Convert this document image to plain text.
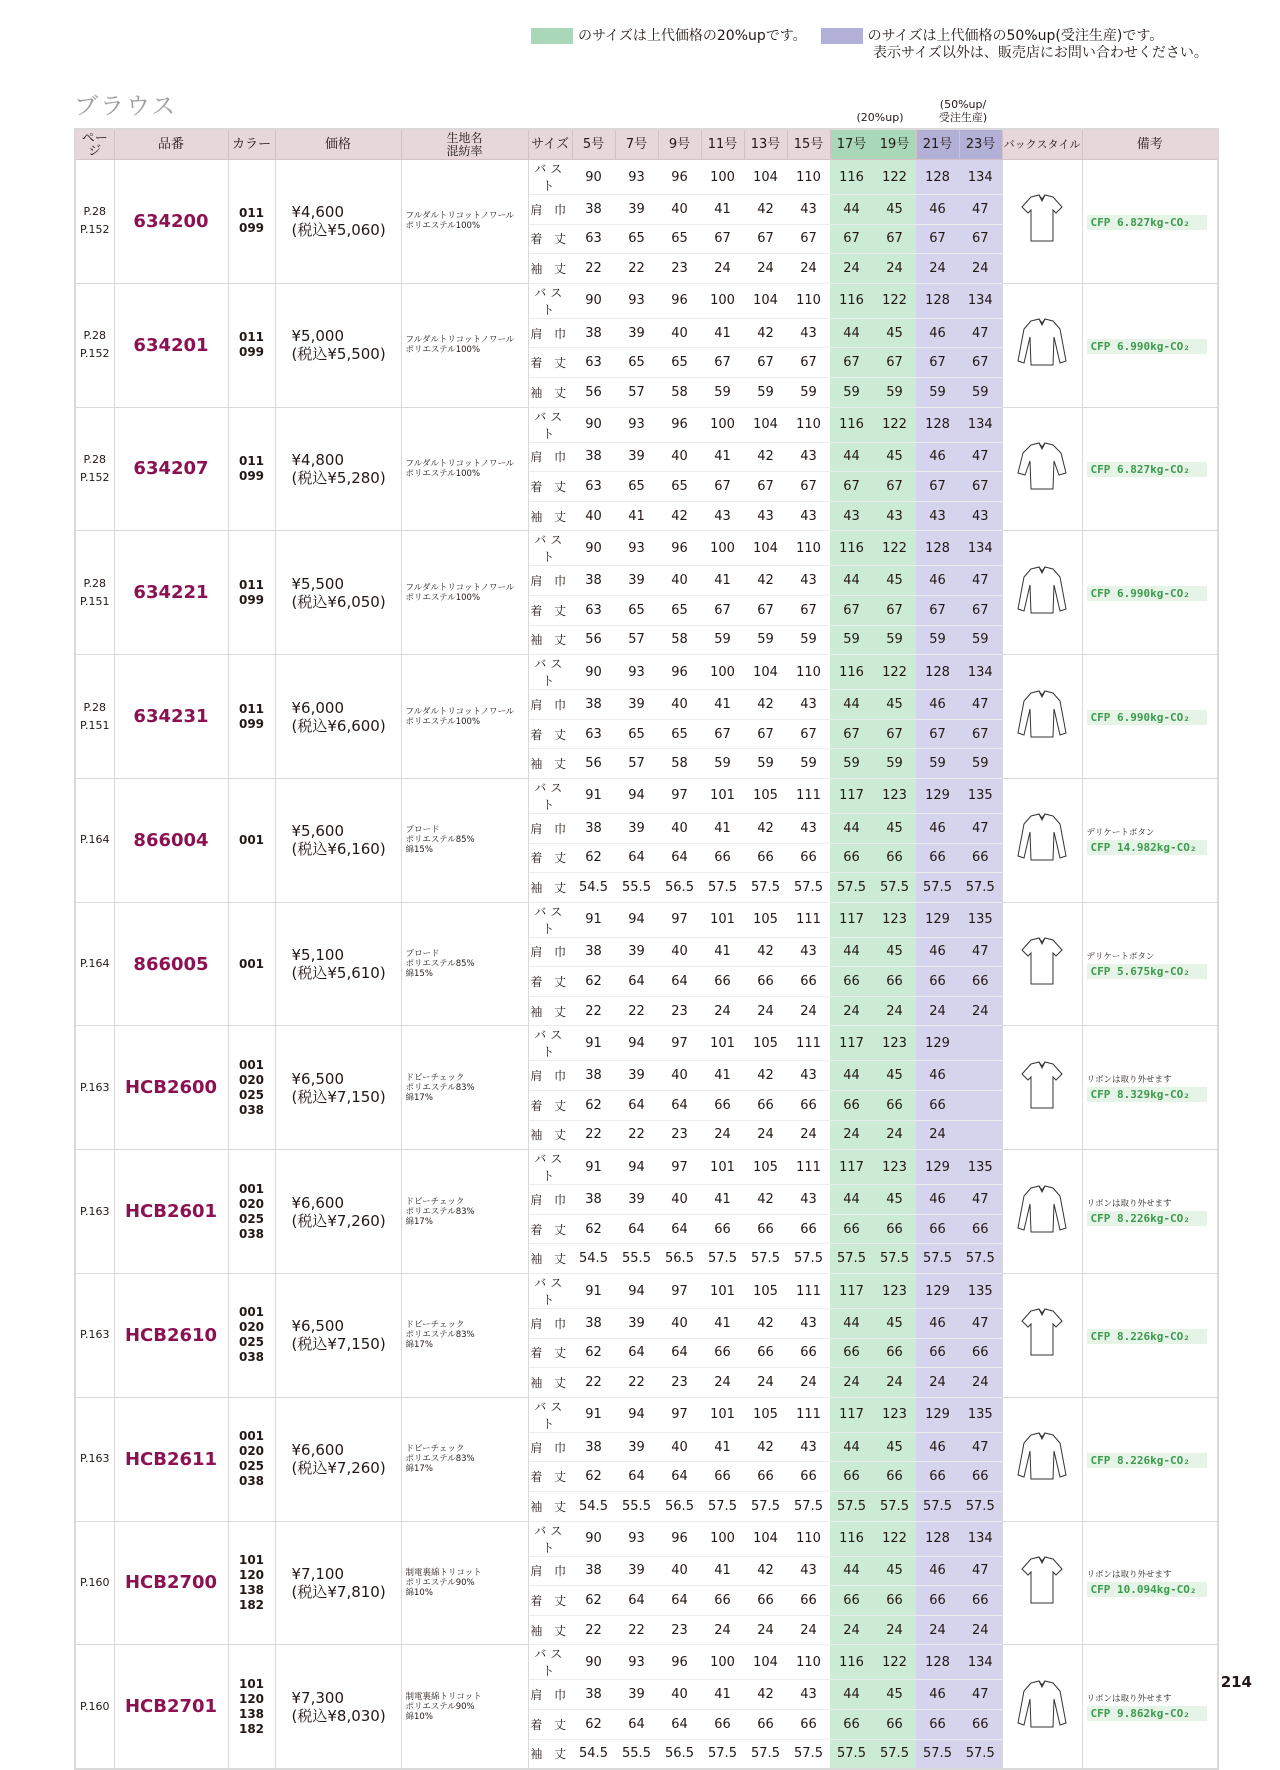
のサイズは上代価格の20%upです。	のサイズは上代価格の50%up(受注生産)です。
表示サイズ以外は、販売店にお問い合わせください。
ブラウス	(20%up)
(50%up/
受注生産)
ページ	品番	カラー	価格	生地名
混紡率	サイズ	5号	7号	9号	11号	13号	15号	17号	19号	21号	23号	バックスタイル	備考
P.28
P.152	634200	011
099	¥4,600
(税込¥5,060)	フルダルトリコットノワール
ポリエステル100%	バスト	90	93	96	100	104	110	116	122	128	134		CFP 6.827kg-CO₂
					肩 巾	38	39	40	41	42	43	44	45	46	47		
					着 丈	63	65	65	67	67	67	67	67	67	67		
					袖 丈	22	22	23	24	24	24	24	24	24	24		
P.28
P.152	634201	011
099	¥5,000
(税込¥5,500)	フルダルトリコットノワール
ポリエステル100%	バスト	90	93	96	100	104	110	116	122	128	134		CFP 6.990kg-CO₂
					肩 巾	38	39	40	41	42	43	44	45	46	47		
					着 丈	63	65	65	67	67	67	67	67	67	67		
					袖 丈	56	57	58	59	59	59	59	59	59	59		
P.28
P.152	634207	011
099	¥4,800
(税込¥5,280)	フルダルトリコットノワール
ポリエステル100%	バスト	90	93	96	100	104	110	116	122	128	134		CFP 6.827kg-CO₂
					肩 巾	38	39	40	41	42	43	44	45	46	47		
					着 丈	63	65	65	67	67	67	67	67	67	67		
					袖 丈	40	41	42	43	43	43	43	43	43	43		
P.28
P.151	634221	011
099	¥5,500
(税込¥6,050)	フルダルトリコットノワール
ポリエステル100%	バスト	90	93	96	100	104	110	116	122	128	134		CFP 6.990kg-CO₂
					肩 巾	38	39	40	41	42	43	44	45	46	47		
					着 丈	63	65	65	67	67	67	67	67	67	67		
					袖 丈	56	57	58	59	59	59	59	59	59	59		
P.28
P.151	634231	011
099	¥6,000
(税込¥6,600)	フルダルトリコットノワール
ポリエステル100%	バスト	90	93	96	100	104	110	116	122	128	134		CFP 6.990kg-CO₂
					肩 巾	38	39	40	41	42	43	44	45	46	47		
					着 丈	63	65	65	67	67	67	67	67	67	67		
					袖 丈	56	57	58	59	59	59	59	59	59	59		
P.164	866004	001	¥5,600
(税込¥6,160)	ブロード
ポリエステル85%
綿15%	バスト	91	94	97	101	105	111	117	123	129	135		デリケートボタン
CFP 14.982kg-CO₂
					肩 巾	38	39	40	41	42	43	44	45	46	47		
					着 丈	62	64	64	66	66	66	66	66	66	66		
					袖 丈	54.5	55.5	56.5	57.5	57.5	57.5	57.5	57.5	57.5	57.5		
P.164	866005	001	¥5,100
(税込¥5,610)	ブロード
ポリエステル85%
綿15%	バスト	91	94	97	101	105	111	117	123	129	135		デリケートボタン
CFP 5.675kg-CO₂
					肩 巾	38	39	40	41	42	43	44	45	46	47		
					着 丈	62	64	64	66	66	66	66	66	66	66		
					袖 丈	22	22	23	24	24	24	24	24	24	24		
P.163	HCB2600	001
020
025
038	¥6,500
(税込¥7,150)	ドビーチェック
ポリエステル83%
綿17%	バスト	91	94	97	101	105	111	117	123	129			リボンは取り外せます
CFP 8.329kg-CO₂
					肩 巾	38	39	40	41	42	43	44	45	46			
					着 丈	62	64	64	66	66	66	66	66	66			
					袖 丈	22	22	23	24	24	24	24	24	24			
P.163	HCB2601	001
020
025
038	¥6,600
(税込¥7,260)	ドビーチェック
ポリエステル83%
綿17%	バスト	91	94	97	101	105	111	117	123	129	135		リボンは取り外せます
CFP 8.226kg-CO₂
					肩 巾	38	39	40	41	42	43	44	45	46	47		
					着 丈	62	64	64	66	66	66	66	66	66	66		
					袖 丈	54.5	55.5	56.5	57.5	57.5	57.5	57.5	57.5	57.5	57.5		
P.163	HCB2610	001
020
025
038	¥6,500
(税込¥7,150)	ドビーチェック
ポリエステル83%
綿17%	バスト	91	94	97	101	105	111	117	123	129	135		CFP 8.226kg-CO₂
					肩 巾	38	39	40	41	42	43	44	45	46	47		
					着 丈	62	64	64	66	66	66	66	66	66	66		
					袖 丈	22	22	23	24	24	24	24	24	24	24		
P.163	HCB2611	001
020
025
038	¥6,600
(税込¥7,260)	ドビーチェック
ポリエステル83%
綿17%	バスト	91	94	97	101	105	111	117	123	129	135		CFP 8.226kg-CO₂
					肩 巾	38	39	40	41	42	43	44	45	46	47		
					着 丈	62	64	64	66	66	66	66	66	66	66		
					袖 丈	54.5	55.5	56.5	57.5	57.5	57.5	57.5	57.5	57.5	57.5		
P.160	HCB2700	101
120
138
182	¥7,100
(税込¥7,810)	制電裏綿トリコット
ポリエステル90%
綿10%	バスト	90	93	96	100	104	110	116	122	128	134		リボンは取り外せます
CFP 10.094kg-CO₂
					肩 巾	38	39	40	41	42	43	44	45	46	47		
					着 丈	62	64	64	66	66	66	66	66	66	66		
					袖 丈	22	22	23	24	24	24	24	24	24	24		
P.160	HCB2701	101
120
138
182	¥7,300
(税込¥8,030)	制電裏綿トリコット
ポリエステル90%
綿10%	バスト	90	93	96	100	104	110	116	122	128	134		リボンは取り外せます
CFP 9.862kg-CO₂
					肩 巾	38	39	40	41	42	43	44	45	46	47		
					着 丈	62	64	64	66	66	66	66	66	66	66		
					袖 丈	54.5	55.5	56.5	57.5	57.5	57.5	57.5	57.5	57.5	57.5		
214
